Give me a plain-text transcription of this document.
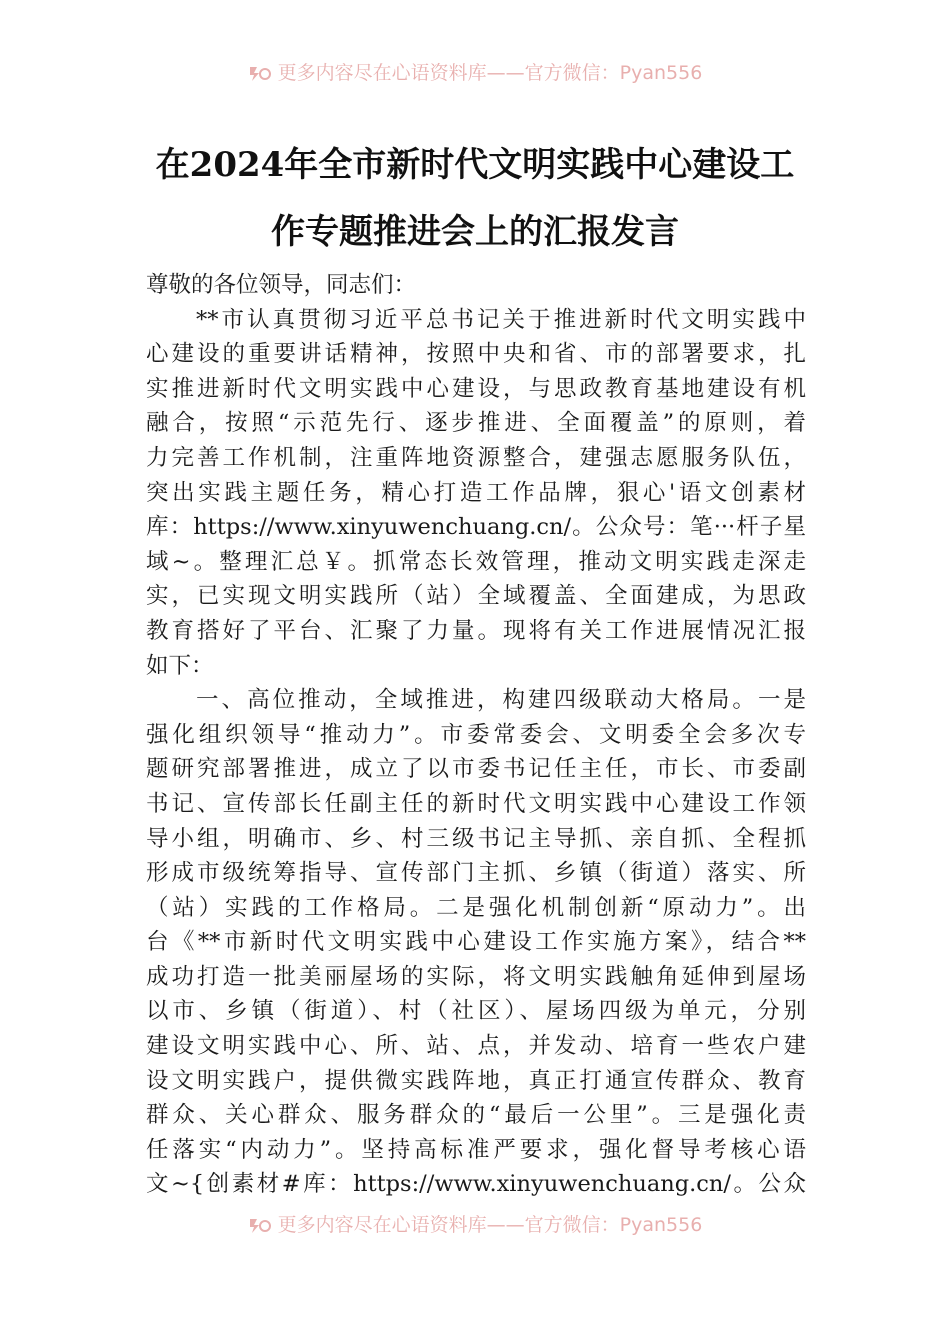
更多内容尽在心语资料库——官方微信：Pyan556
在2024年全市新时代文明实践中心建设工
作专题推进会上的汇报发言
尊敬的各位领导，同志们：
**市认真贯彻习近平总书记关于推进新时代文明实践中
心建设的重要讲话精神，按照中央和省、市的部署要求，扎
实推进新时代文明实践中心建设，与思政教育基地建设有机
融合，按照“示范先行、逐步推进、全面覆盖”的原则，着
力完善工作机制，注重阵地资源整合，建强志愿服务队伍，
突出实践主题任务，精心打造工作品牌，狠心'语文创素材
库：https://www.xinyuwenchuang.cn/。公众号：笔···杆子星
域~。整理汇总￥。抓常态长效管理，推动文明实践走深走
实，已实现文明实践所（站）全域覆盖、全面建成，为思政
教育搭好了平台、汇聚了力量。现将有关工作进展情况汇报
如下：
一、高位推动，全域推进，构建四级联动大格局。一是
强化组织领导“推动力”。市委常委会、文明委全会多次专
题研究部署推进，成立了以市委书记任主任，市长、市委副
书记、宣传部长任副主任的新时代文明实践中心建设工作领
导小组，明确市、乡、村三级书记主导抓、亲自抓、全程抓
形成市级统筹指导、宣传部门主抓、乡镇（街道）落实、所
（站）实践的工作格局。二是强化机制创新“原动力”。出
台《**市新时代文明实践中心建设工作实施方案》，结合**
成功打造一批美丽屋场的实际，将文明实践触角延伸到屋场
以市、乡镇（街道）、村（社区）、屋场四级为单元，分别
建设文明实践中心、所、站、点，并发动、培育一些农户建
设文明实践户，提供微实践阵地，真正打通宣传群众、教育
群众、关心群众、服务群众的“最后一公里”。三是强化责
任落实“内动力”。坚持高标准严要求，强化督导考核心语
文~{创素材#库：https://www.xinyuwenchuang.cn/。公众
更多内容尽在心语资料库——官方微信：Pyan556
